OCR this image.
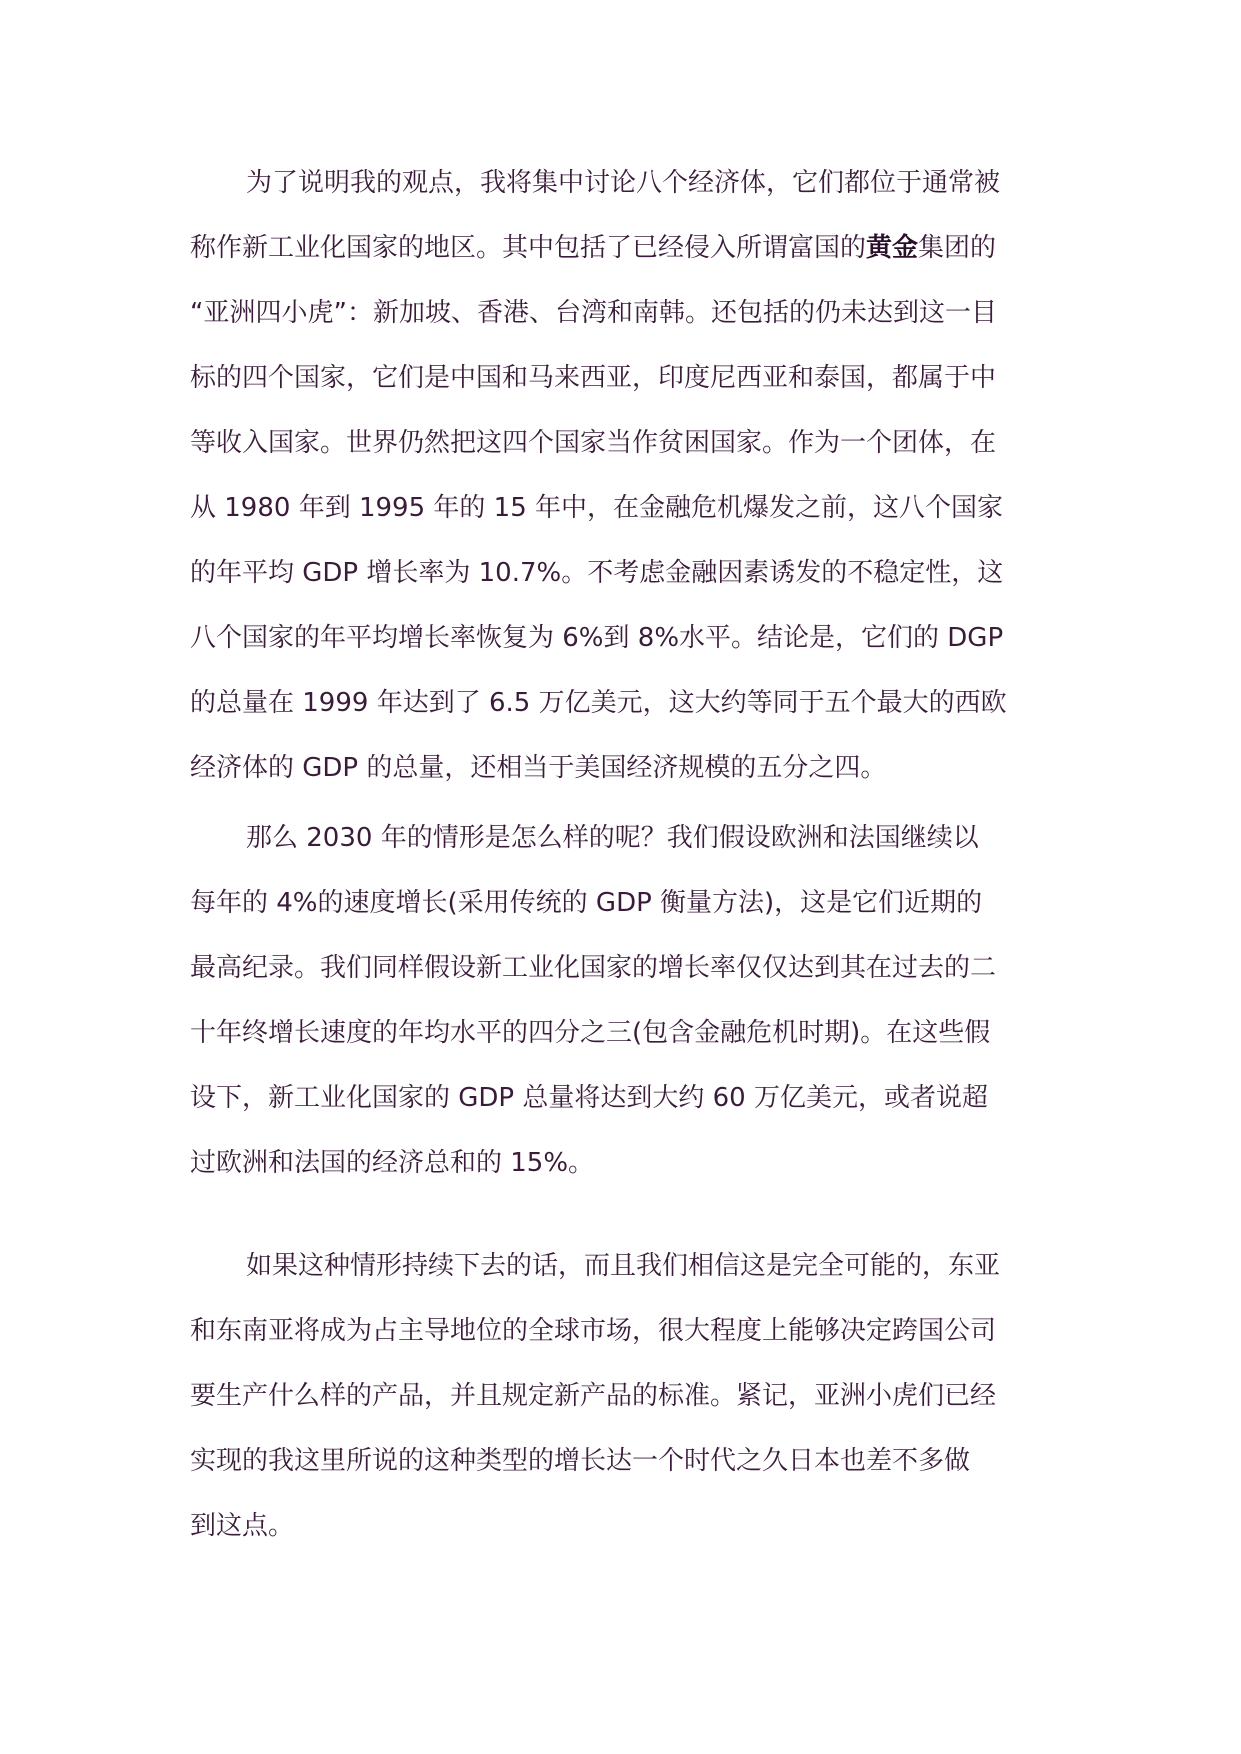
为了说明我的观点，我将集中讨论八个经济体，它们都位于通常被
称作新工业化国家的地区。其中包括了已经侵入所谓富国的黄金集团的
“亚洲四小虎”：新加坡、香港、台湾和南韩。还包括的仍未达到这一目
标的四个国家，它们是中国和马来西亚，印度尼西亚和泰国，都属于中
等收入国家。世界仍然把这四个国家当作贫困国家。作为一个团体，在
从 1980 年到 1995 年的 15 年中，在金融危机爆发之前，这八个国家
的年平均 GDP 增长率为 10.7%。不考虑金融因素诱发的不稳定性，这
八个国家的年平均增长率恢复为 6%到 8%水平。结论是，它们的 DGP
的总量在 1999 年达到了 6.5 万亿美元，这大约等同于五个最大的西欧
经济体的 GDP 的总量，还相当于美国经济规模的五分之四。

那么 2030 年的情形是怎么样的呢？我们假设欧洲和法国继续以
每年的 4%的速度增长(采用传统的 GDP 衡量方法)，这是它们近期的
最高纪录。我们同样假设新工业化国家的增长率仅仅达到其在过去的二
十年终增长速度的年均水平的四分之三(包含金融危机时期)。在这些假
设下，新工业化国家的 GDP 总量将达到大约 60 万亿美元，或者说超
过欧洲和法国的经济总和的 15%。

如果这种情形持续下去的话，而且我们相信这是完全可能的，东亚
和东南亚将成为占主导地位的全球市场，很大程度上能够决定跨国公司
要生产什么样的产品，并且规定新产品的标准。紧记，亚洲小虎们已经
实现的我这里所说的这种类型的增长达一个时代之久日本也差不多做
到这点。
